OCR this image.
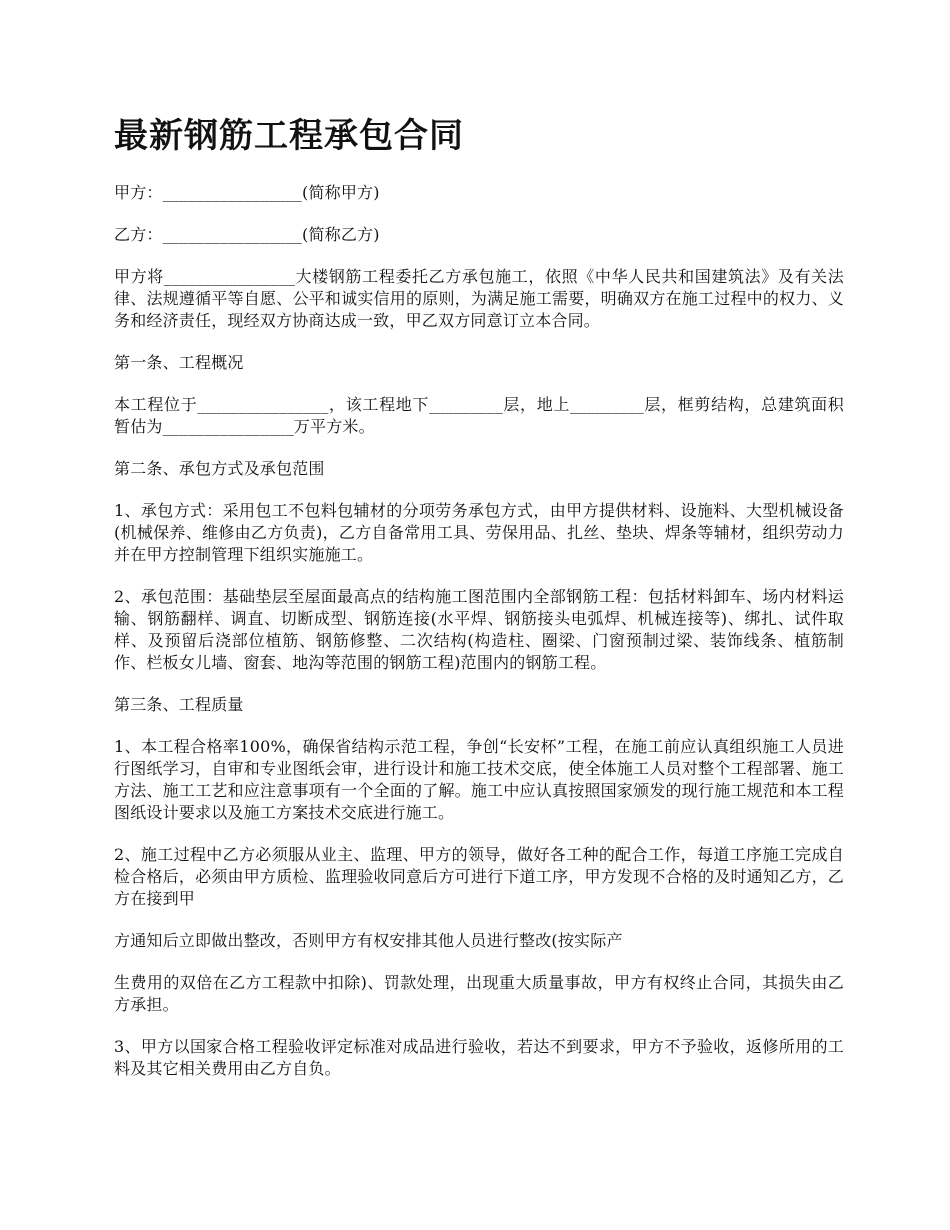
最新钢筋工程承包合同

甲方：_________________(简称甲方)

乙方：_________________(简称乙方)

甲方将________________大楼钢筋工程委托乙方承包施工，依照《中华人民共和国建筑法》及有关法律、法规遵循平等自愿、公平和诚实信用的原则，为满足施工需要，明确双方在施工过程中的权力、义务和经济责任，现经双方协商达成一致，甲乙双方同意订立本合同。

第一条、工程概况

本工程位于________________，该工程地下_________层，地上_________层，框剪结构，总建筑面积暂估为________________万平方米。

第二条、承包方式及承包范围

1、承包方式：采用包工不包料包辅材的分项劳务承包方式，由甲方提供材料、设施料、大型机械设备(机械保养、维修由乙方负责)，乙方自备常用工具、劳保用品、扎丝、垫块、焊条等辅材，组织劳动力并在甲方控制管理下组织实施施工。

2、承包范围：基础垫层至屋面最高点的结构施工图范围内全部钢筋工程：包括材料卸车、场内材料运输、钢筋翻样、调直、切断成型、钢筋连接(水平焊、钢筋接头电弧焊、机械连接等)、绑扎、试件取样、及预留后浇部位植筋、钢筋修整、二次结构(构造柱、圈梁、门窗预制过梁、装饰线条、植筋制作、栏板女儿墙、窗套、地沟等范围的钢筋工程)范围内的钢筋工程。

第三条、工程质量

1、本工程合格率100%，确保省结构示范工程，争创“长安杯”工程，在施工前应认真组织施工人员进行图纸学习，自审和专业图纸会审，进行设计和施工技术交底，使全体施工人员对整个工程部署、施工方法、施工工艺和应注意事项有一个全面的了解。施工中应认真按照国家颁发的现行施工规范和本工程图纸设计要求以及施工方案技术交底进行施工。

2、施工过程中乙方必须服从业主、监理、甲方的领导，做好各工种的配合工作，每道工序施工完成自检合格后，必须由甲方质检、监理验收同意后方可进行下道工序，甲方发现不合格的及时通知乙方，乙方在接到甲

方通知后立即做出整改，否则甲方有权安排其他人员进行整改(按实际产

生费用的双倍在乙方工程款中扣除)、罚款处理，出现重大质量事故，甲方有权终止合同，其损失由乙方承担。

3、甲方以国家合格工程验收评定标准对成品进行验收，若达不到要求，甲方不予验收，返修所用的工料及其它相关费用由乙方自负。
